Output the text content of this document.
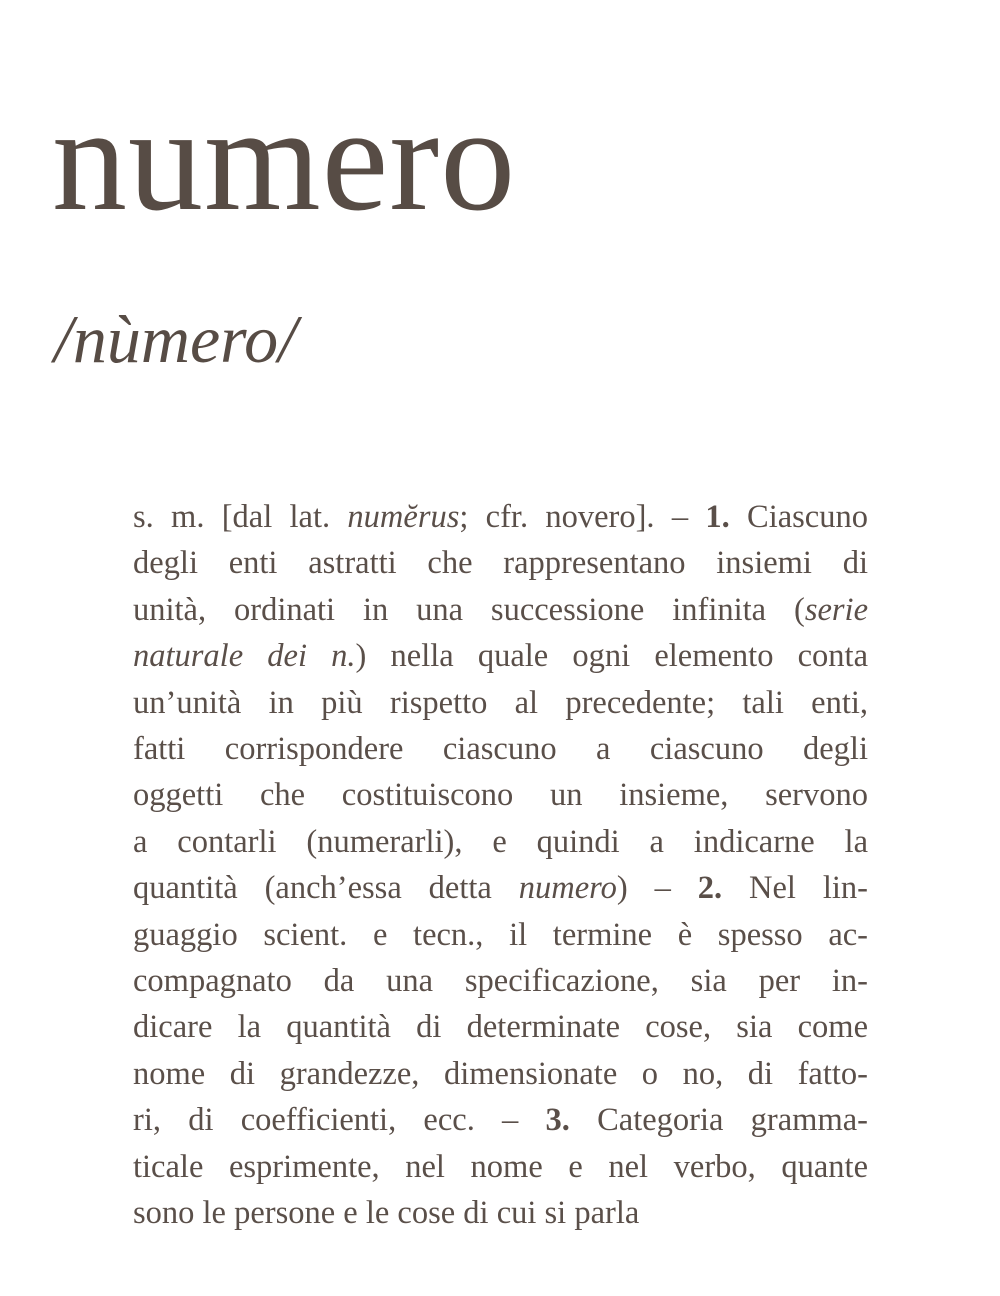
numero
/nùmero/
s. m. [dal lat. numĕrus; cfr. novero]. – 1. Ciascuno
degli enti astratti che rappresentano insiemi di
unità, ordinati in una successione infinita (serie
naturale dei n.) nella quale ogni elemento conta
un’unità in più rispetto al precedente; tali enti,
fatti corrispondere ciascuno a ciascuno degli
oggetti che costituiscono un insieme, servono
a contarli (numerarli), e quindi a indicarne la
quantità (anch’essa detta numero) – 2. Nel lin-
guaggio scient. e tecn., il termine è spesso ac-
compagnato da una specificazione, sia per in-
dicare la quantità di determinate cose, sia come
nome di grandezze, dimensionate o no, di fatto-
ri, di coefficienti, ecc. – 3. Categoria gramma-
ticale esprimente, nel nome e nel verbo, quante
sono le persone e le cose di cui si parla
